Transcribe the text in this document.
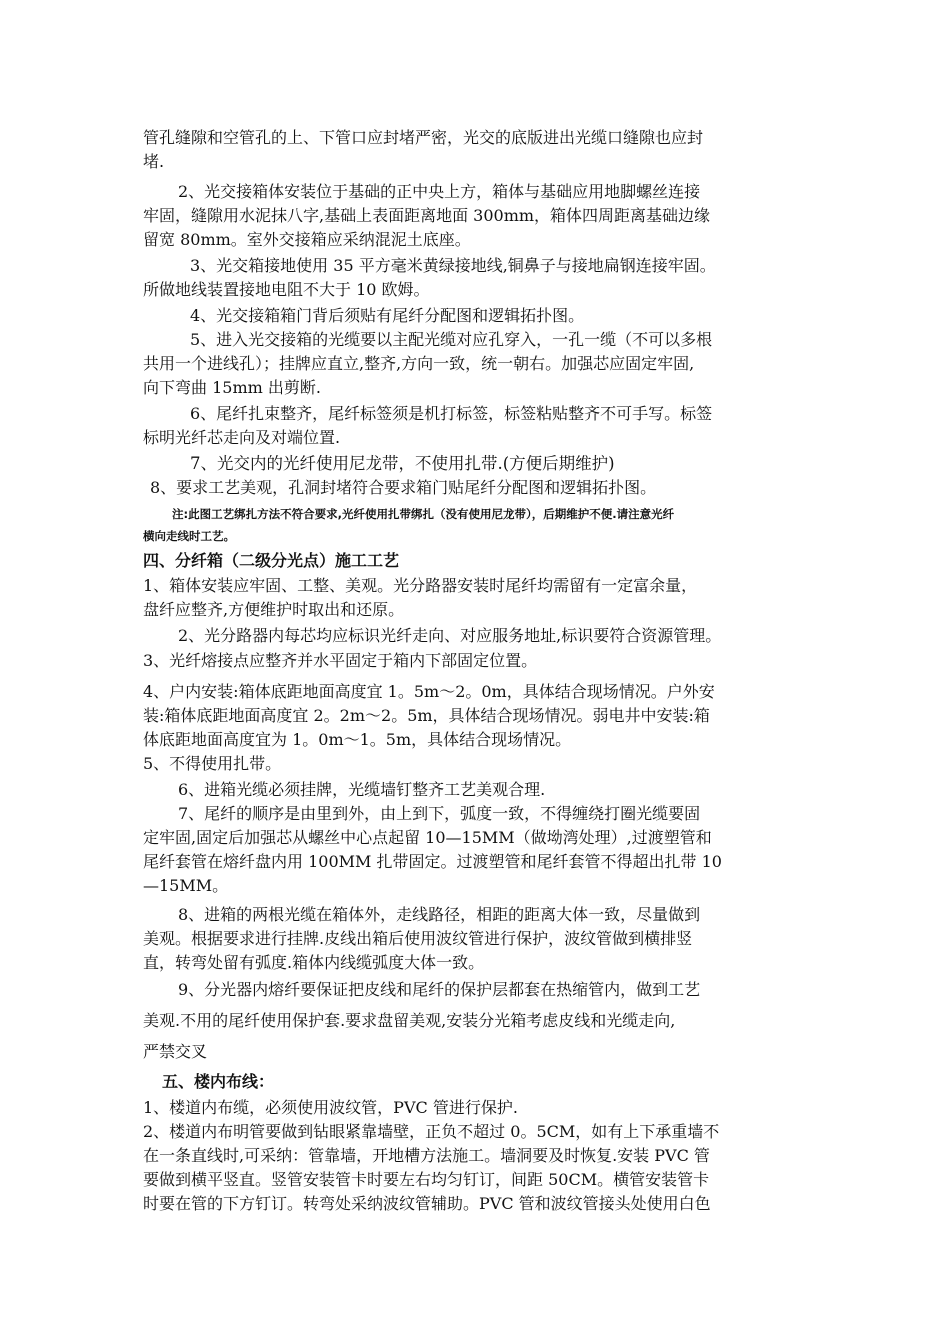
管孔缝隙和空管孔的上、下管口应封堵严密，光交的底版进出光缆口缝隙也应封
堵.
2、光交接箱体安装位于基础的正中央上方，箱体与基础应用地脚螺丝连接
牢固，缝隙用水泥抹八字,基础上表面距离地面 300mm，箱体四周距离基础边缘
留宽 80mm。室外交接箱应采纳混泥土底座。
3、光交箱接地使用 35 平方毫米黄绿接地线,铜鼻子与接地扁钢连接牢固。
所做地线装置接地电阻不大于 10 欧姆。
4、光交接箱箱门背后须贴有尾纤分配图和逻辑拓扑图。
5、进入光交接箱的光缆要以主配光缆对应孔穿入，一孔一缆（不可以多根
共用一个进线孔）；挂牌应直立,整齐,方向一致，统一朝右。加强芯应固定牢固,
向下弯曲 15mm 出剪断.
6、尾纤扎束整齐，尾纤标签须是机打标签，标签粘贴整齐不可手写。标签
标明光纤芯走向及对端位置.
7、光交内的光纤使用尼龙带，不使用扎带.(方便后期维护)
8、要求工艺美观，孔洞封堵符合要求箱门贴尾纤分配图和逻辑拓扑图。
注:此图工艺绑扎方法不符合要求,光纤使用扎带绑扎（没有使用尼龙带），后期维护不便.请注意光纤
横向走线时工艺。
四、分纤箱（二级分光点）施工工艺
1、箱体安装应牢固、工整、美观。光分路器安装时尾纤均需留有一定富余量，
盘纤应整齐,方便维护时取出和还原。
2、光分路器内每芯均应标识光纤走向、对应服务地址,标识要符合资源管理。
3、光纤熔接点应整齐并水平固定于箱内下部固定位置。
4、户内安装:箱体底距地面高度宜 1。5m～2。0m，具体结合现场情况。户外安
装:箱体底距地面高度宜 2。2m～2。5m，具体结合现场情况。弱电井中安装:箱
体底距地面高度宜为 1。0m～1。5m，具体结合现场情况。
5、不得使用扎带。
6、进箱光缆必须挂牌，光缆墙钉整齐工艺美观合理.
7、尾纤的顺序是由里到外，由上到下，弧度一致，不得缠绕打圈光缆要固
定牢固,固定后加强芯从螺丝中心点起留 10—15MM（做坳湾处理）,过渡塑管和
尾纤套管在熔纤盘内用 100MM 扎带固定。过渡塑管和尾纤套管不得超出扎带 10
—15MM。
8、进箱的两根光缆在箱体外，走线路径，相距的距离大体一致，尽量做到
美观。根据要求进行挂牌.皮线出箱后使用波纹管进行保护，波纹管做到横排竖
直，转弯处留有弧度.箱体内线缆弧度大体一致。
9、分光器内熔纤要保证把皮线和尾纤的保护层都套在热缩管内，做到工艺
美观.不用的尾纤使用保护套.要求盘留美观,安装分光箱考虑皮线和光缆走向,
严禁交叉
五、楼内布线：
1、楼道内布缆，必须使用波纹管，PVC 管进行保护.
2、楼道内布明管要做到钻眼紧靠墙壁，正负不超过 0。5CM，如有上下承重墙不
在一条直线时,可采纳：管靠墙，开地槽方法施工。墙洞要及时恢复.安装 PVC 管
要做到横平竖直。竖管安装管卡时要左右均匀钉订，间距 50CM。横管安装管卡
时要在管的下方钉订。转弯处采纳波纹管辅助。PVC 管和波纹管接头处使用白色
